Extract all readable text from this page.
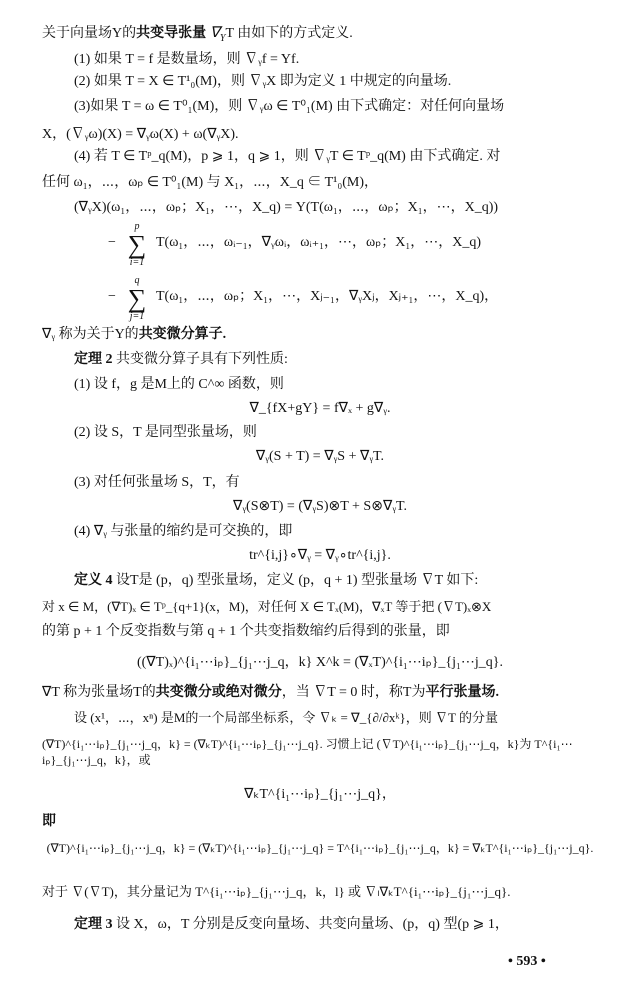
关于向量场Y的共变导张量 $\nabla_YT$ 由如下的方式定义.
(1) 如果 T = f 是数量场，则 ∇ᵧf = Yf.
(2) 如果 T = X ∈ T¹₀(M)，则 ∇ᵧX 即为定义 1 中规定的向量场.
(3)如果 T = ω ∈ T⁰₁(M)，则 ∇ᵧω ∈ T⁰₁(M) 由下式确定：对任何向量场
X，(∇ᵧω)(X) = ∇ᵧω(X) + ω(∇ᵧX).
(4) 若 T ∈ Tᵖ_q(M)，p ⩾ 1，q ⩾ 1，则 ∇ᵧT ∈ Tᵖ_q(M) 由下式确定. 对
任何 ω₁，⋯，ωₚ ∈ T⁰₁(M) 与 X₁，⋯，X_q ∈ T¹₀(M)，
(∇ᵧX)(ω₁，⋯，ωₚ；X₁，⋯，X_q) = Y(T(ω₁，⋯，ωₚ；X₁，⋯，X_q))
−
p
∑
i=1
T(ω₁，⋯，ωᵢ₋₁，∇ᵧωᵢ，ωᵢ₊₁，⋯，ωₚ；X₁，⋯，X_q)
−
q
∑
j=1
T(ω₁，⋯，ωₚ；X₁，⋯，Xⱼ₋₁，∇ᵧXⱼ，Xⱼ₊₁，⋯，X_q)，
∇ᵧ 称为关于Y的共变微分算子.
定理 2 共变微分算子具有下列性质:
(1) 设 f，g 是M上的 C^∞ 函数，则
∇_{fX+gY} = f∇ₓ + g∇ᵧ.
(2) 设 S，T 是同型张量场，则
∇ᵧ(S + T) = ∇ᵧS + ∇ᵧT.
(3) 对任何张量场 S，T，有
∇ᵧ(S⊗T) = (∇ᵧS)⊗T + S⊗∇ᵧT.
(4) ∇ᵧ 与张量的缩约是可交换的，即
tr^{i,j}∘∇ᵧ = ∇ᵧ∘tr^{i,j}.
定义 4 设T是 (p，q) 型张量场，定义 (p，q + 1) 型张量场 ∇T 如下:
对 x ∈ M，(∇T)ₓ ∈ Tᵖ_{q+1}(x，M)，对任何 X ∈ Tₓ(M)，∇ₓT 等于把 (∇T)ₓ⊗X
的第 p + 1 个反变指数与第 q + 1 个共变指数缩约后得到的张量，即
((∇T)ₓ)^{i₁⋯iₚ}_{j₁⋯j_q，k} X^k = (∇ₓT)^{i₁⋯iₚ}_{j₁⋯j_q}.
∇T 称为张量场T的共变微分或绝对微分，当 ∇T = 0 时，称T为平行张量场.
设 (x¹，⋯，xⁿ) 是M的一个局部坐标系，令 ∇ₖ = ∇_{∂/∂xᵏ}，则 ∇T 的分量
(∇T)^{i₁⋯iₚ}_{j₁⋯j_q，k} = (∇ₖT)^{i₁⋯iₚ}_{j₁⋯j_q}. 习惯上记 (∇T)^{i₁⋯iₚ}_{j₁⋯j_q，k}为 T^{i₁⋯iₚ}_{j₁⋯j_q，k}，或
∇ₖT^{i₁⋯iₚ}_{j₁⋯j_q}，
即
(∇T)^{i₁⋯iₚ}_{j₁⋯j_q，k} = (∇ₖT)^{i₁⋯iₚ}_{j₁⋯j_q} = T^{i₁⋯iₚ}_{j₁⋯j_q，k} = ∇ₖT^{i₁⋯iₚ}_{j₁⋯j_q}.
对于 ∇(∇T)，其分量记为 T^{i₁⋯iₚ}_{j₁⋯j_q，k，l} 或 ∇ₗ∇ₖT^{i₁⋯iₚ}_{j₁⋯j_q}.
定理 3 设 X，ω，T 分别是反变向量场、共变向量场、(p，q) 型(p ⩾ 1，
• 593 •
